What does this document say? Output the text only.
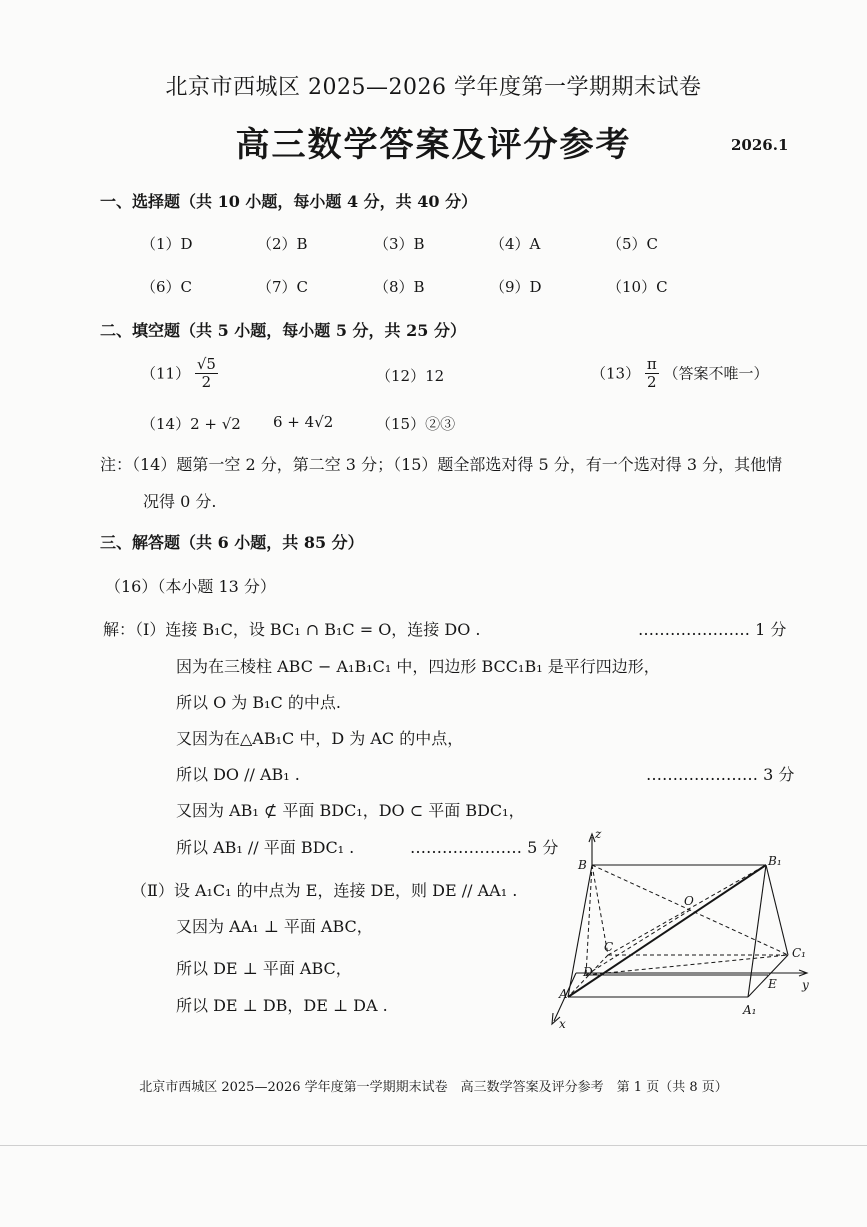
北京市西城区 2025—2026 学年度第一学期期末试卷
高三数学答案及评分参考	2026.1
一、选择题（共 10 小题，每小题 4 分，共 40 分）
（1）D	（2）B	（3）B	（4）A	（5）C
（6）C	（7）C	（8）B	（9）D	（10）C
二、填空题（共 5 小题，每小题 5 分，共 25 分）
$(11) \frac{√5}{2}$	（12）12	$(13) \frac{\pi}{2}$ （答案不唯一）
（14）2 + √2 6 + 4√2	（15）②③
注：（14）题第一空 2 分，第二空 3 分；（15）题全部选对得 5 分，有一个选对得 3 分，其他情
况得 0 分.
三、解答题（共 6 小题，共 85 分）
（16）（本小题 13 分）
解：（Ⅰ）连接 B₁C，设 BC₁ ∩ B₁C = O，连接 DO .	………………… 1 分
因为在三棱柱 ABC − A₁B₁C₁ 中，四边形 BCC₁B₁ 是平行四边形，
所以 O 为 B₁C 的中点.
又因为在△AB₁C 中，D 为 AC 的中点，
所以 DO // AB₁ .	………………… 3 分
又因为 AB₁ ⊄ 平面 BDC₁，DO ⊂ 平面 BDC₁，
所以 AB₁ // 平面 BDC₁ .	………………… 5 分
（Ⅱ）设 A₁C₁ 的中点为 E，连接 DE，则 DE // AA₁ .
又因为 AA₁ ⊥ 平面 ABC，
所以 DE ⊥ 平面 ABC，
所以 DE ⊥ DB，DE ⊥ DA .
z
B	B₁
O
C	C₁
D
A
E y
A₁
x
北京市西城区 2025—2026 学年度第一学期期末试卷　高三数学答案及评分参考　第 1 页（共 8 页）
